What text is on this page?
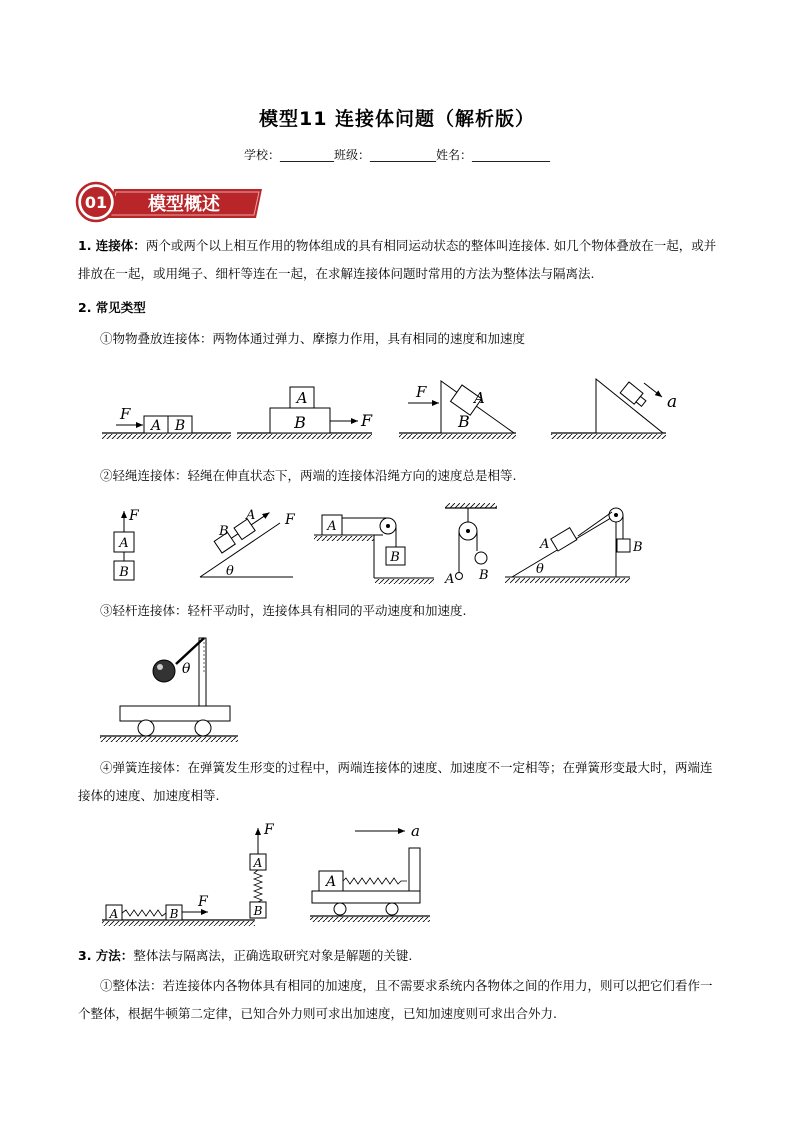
模型11 连接体问题（解析版）
学校：_________班级：___________姓名：_____________
01 模型概述

1. 连接体：两个或两个以上相互作用的物体组成的具有相同运动状态的整体叫连接体. 如几个物体叠放在一起，或并排放在一起，或用绳子、细杆等连在一起，在求解连接体问题时常用的方法为整体法与隔离法.

2. 常见类型

①物物叠放连接体：两物体通过弹力、摩擦力作用，具有相同的速度和加速度

A B
F
A
B	F
A
B
F	a

②轻绳连接体：轻绳在伸直状态下，两端的连接体沿绳方向的速度总是相等.

F
A
B
B
A F
θ
A
B
A B
A	B
θ

③轻杆连接体：轻杆平动时，连接体具有相同的平动速度和加速度.

θ

④弹簧连接体：在弹簧发生形变的过程中，两端连接体的速度、加速度不一定相等；在弹簧形变最大时，两端连接体的速度、加速度相等.

A	B
F
A
B
F
A
a

3. 方法：整体法与隔离法，正确选取研究对象是解题的关键.

①整体法：若连接体内各物体具有相同的加速度，且不需要求系统内各物体之间的作用力，则可以把它们看作一个整体，根据牛顿第二定律，已知合外力则可求出加速度，已知加速度则可求出合外力.
